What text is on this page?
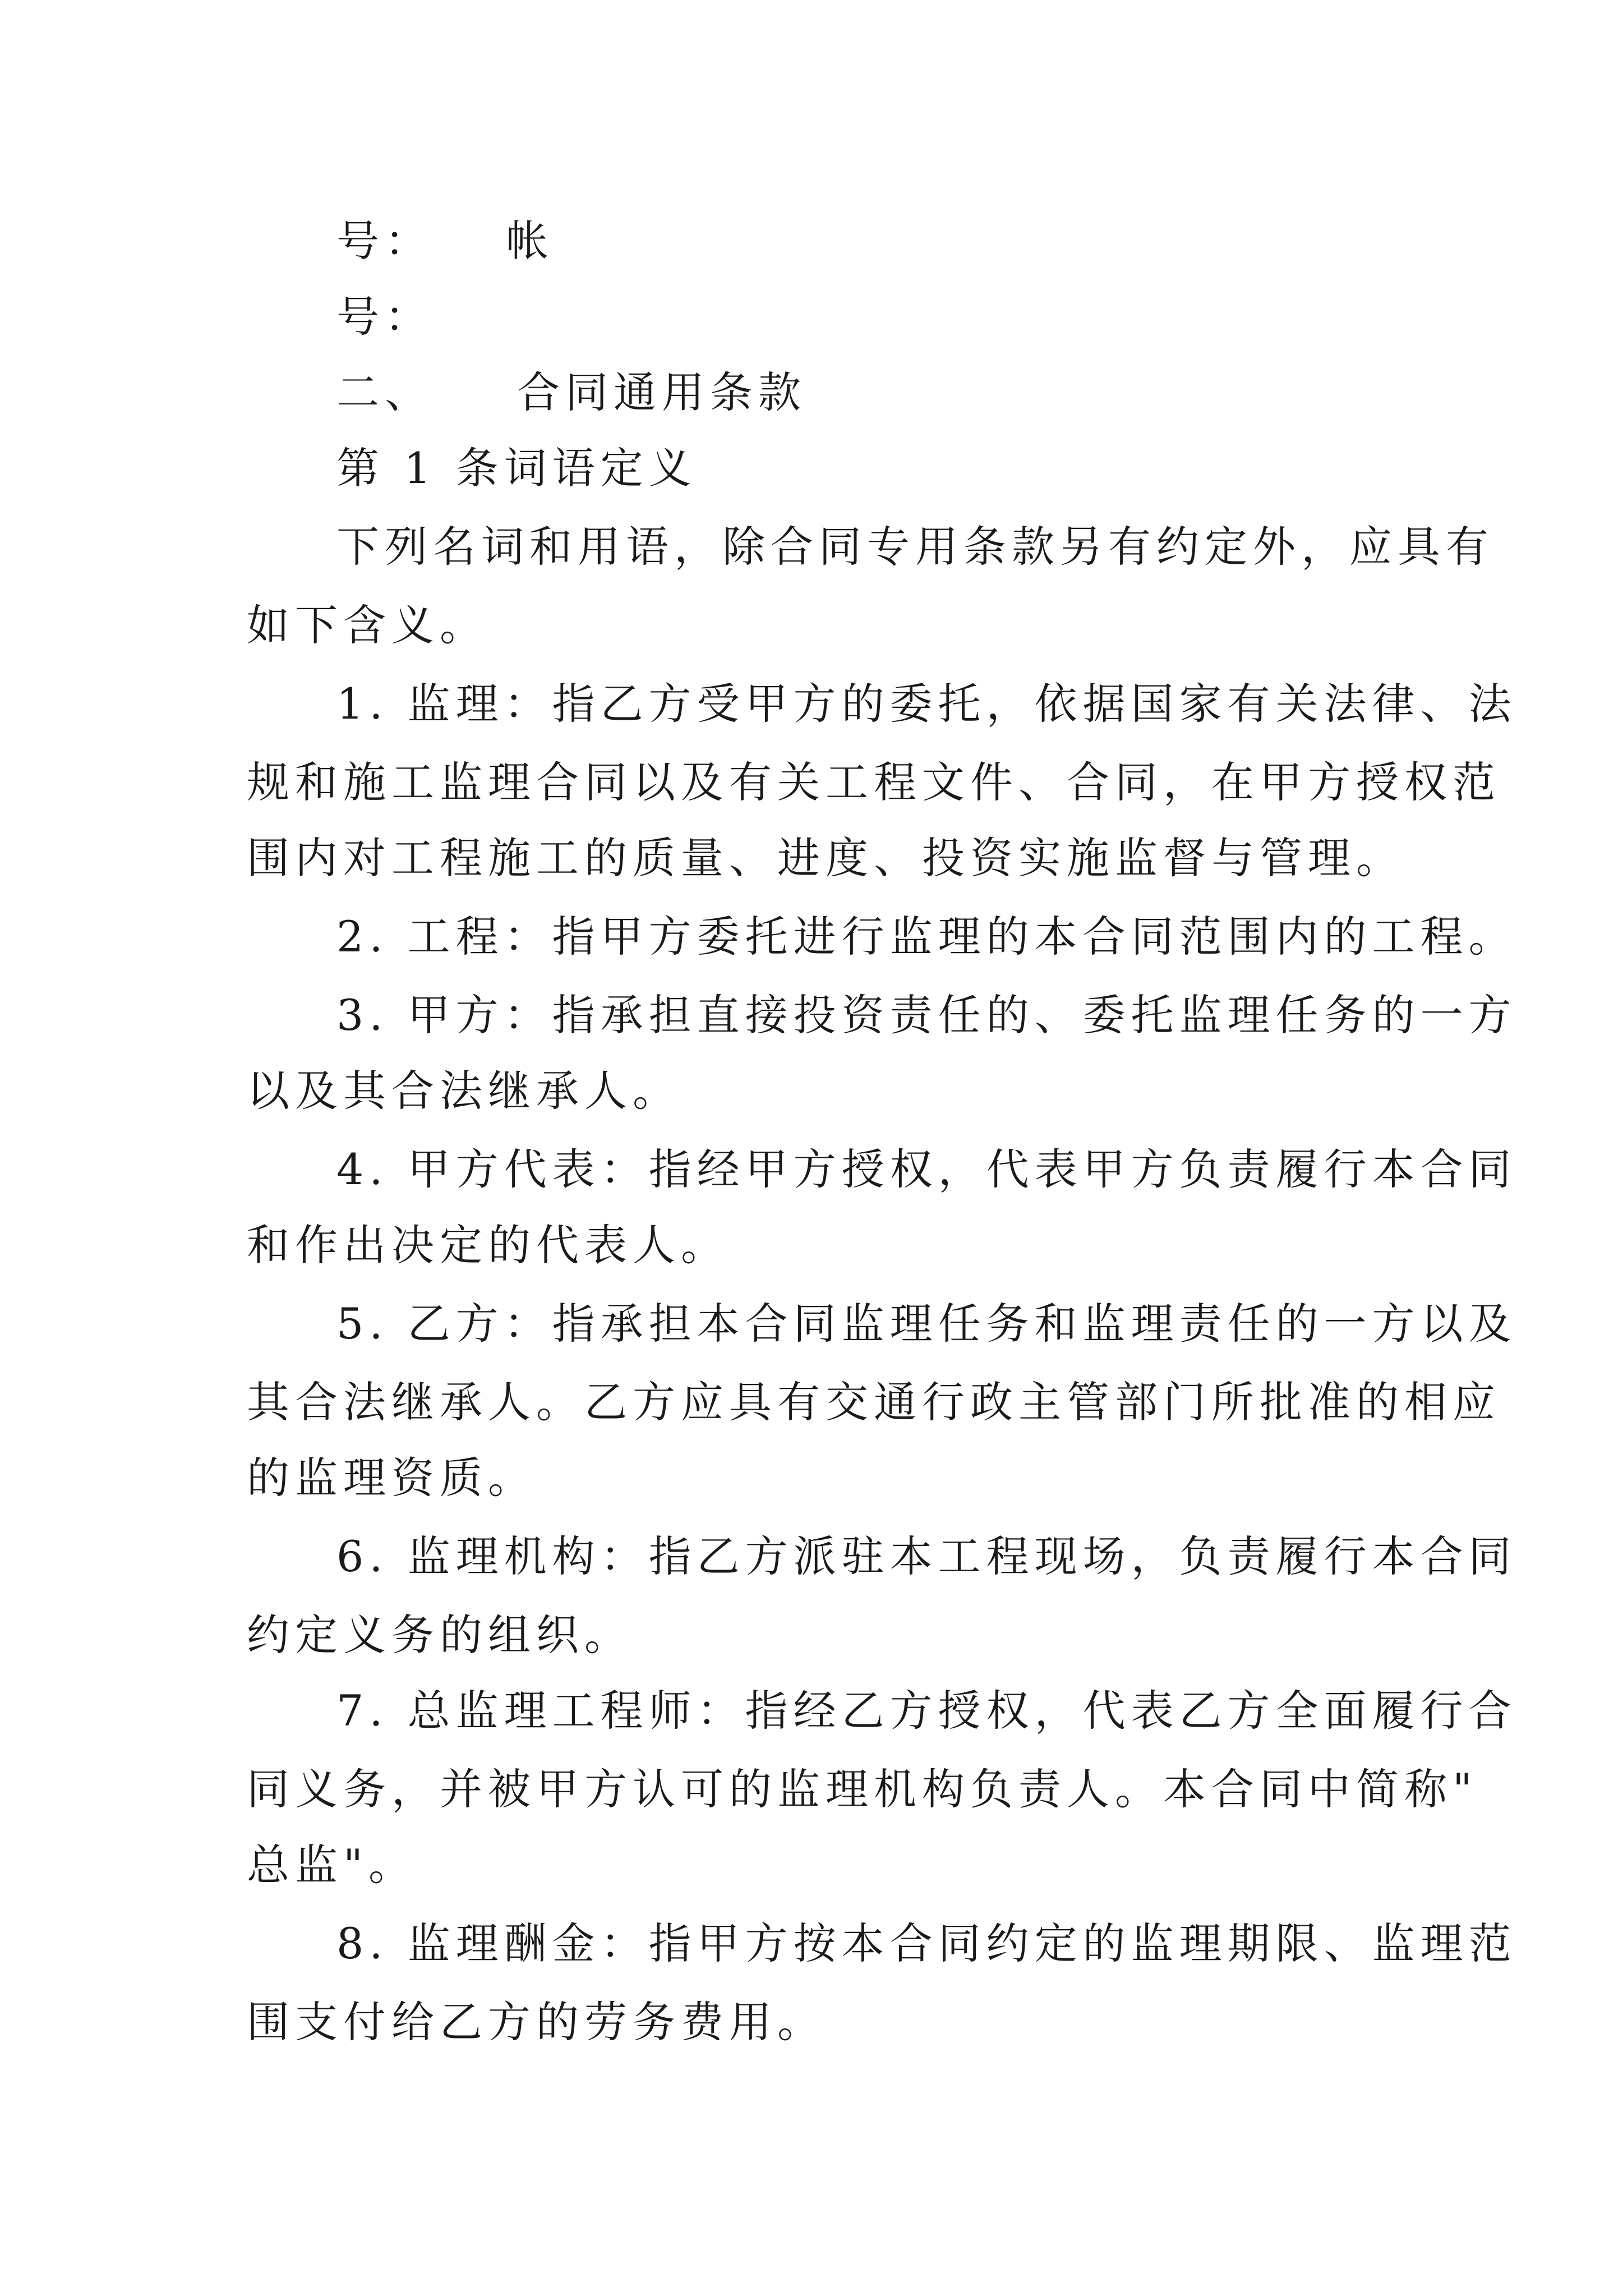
号： 帐
号：
二、 合同通用条款
第 1 条词语定义
下列名词和用语，除合同专用条款另有约定外，应具有
如下含义。
1. 监理：指乙方受甲方的委托，依据国家有关法律、法
规和施工监理合同以及有关工程文件、合同，在甲方授权范
围内对工程施工的质量、进度、投资实施监督与管理。
2. 工程：指甲方委托进行监理的本合同范围内的工程。
3. 甲方：指承担直接投资责任的、委托监理任务的一方
以及其合法继承人。
4. 甲方代表：指经甲方授权，代表甲方负责履行本合同
和作出决定的代表人。
5. 乙方：指承担本合同监理任务和监理责任的一方以及
其合法继承人。乙方应具有交通行政主管部门所批准的相应
的监理资质。
6. 监理机构：指乙方派驻本工程现场，负责履行本合同
约定义务的组织。
7. 总监理工程师：指经乙方授权，代表乙方全面履行合
同义务，并被甲方认可的监理机构负责人。本合同中简称"
总监"。
8. 监理酬金：指甲方按本合同约定的监理期限、监理范
围支付给乙方的劳务费用。
